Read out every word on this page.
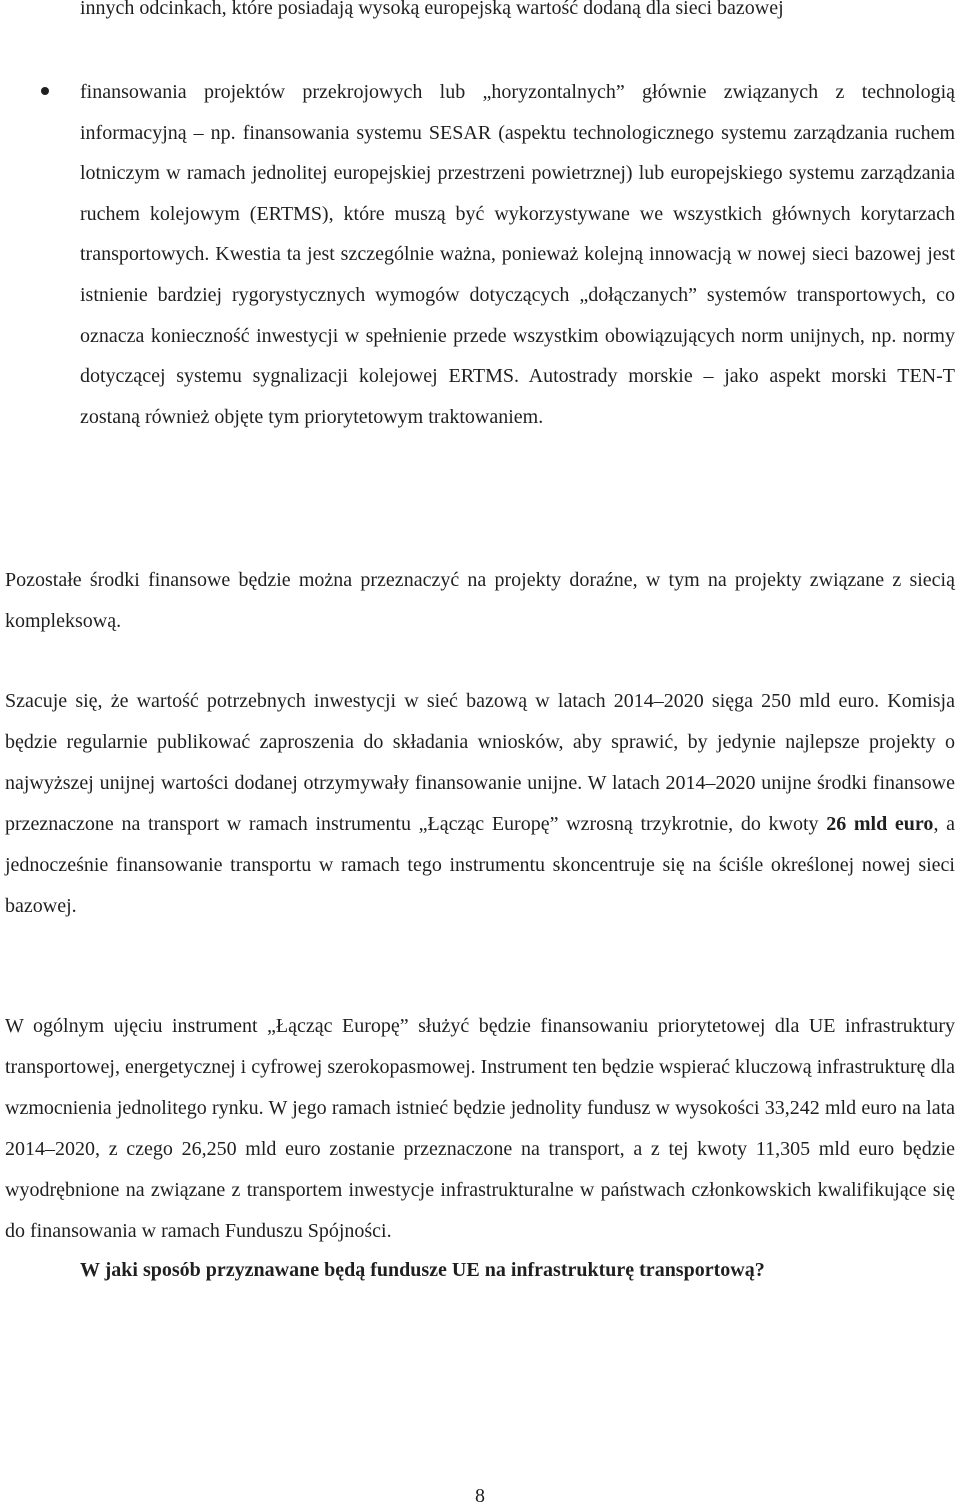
innych odcinkach, które posiadają wysoką europejską wartość dodaną dla sieci bazowej

finansowania projektów przekrojowych lub „horyzontalnych” głównie związanych z technologią informacyjną – np. finansowania systemu SESAR (aspektu technologicznego systemu zarządzania ruchem lotniczym w ramach jednolitej europejskiej przestrzeni powietrznej) lub europejskiego systemu zarządzania ruchem kolejowym (ERTMS), które muszą być wykorzystywane we wszystkich głównych korytarzach transportowych. Kwestia ta jest szczególnie ważna, ponieważ kolejną innowacją w nowej sieci bazowej jest istnienie bardziej rygorystycznych wymogów dotyczących „dołączanych” systemów transportowych, co oznacza konieczność inwestycji w spełnienie przede wszystkim obowiązujących norm unijnych, np. normy dotyczącej systemu sygnalizacji kolejowej ERTMS. Autostrady morskie – jako aspekt morski TEN-T zostaną również objęte tym priorytetowym traktowaniem.

Pozostałe środki finansowe będzie można przeznaczyć na projekty doraźne, w tym na projekty związane z siecią kompleksową.

Szacuje się, że wartość potrzebnych inwestycji w sieć bazową w latach 2014–2020 sięga 250 mld euro. Komisja będzie regularnie publikować zaproszenia do składania wniosków, aby sprawić, by jedynie najlepsze projekty o najwyższej unijnej wartości dodanej otrzymywały finansowanie unijne. W latach 2014–2020 unijne środki finansowe przeznaczone na transport w ramach instrumentu „Łącząc Europę” wzrosną trzykrotnie, do kwoty 26 mld euro, a jednocześnie finansowanie transportu w ramach tego instrumentu skoncentruje się na ściśle określonej nowej sieci bazowej.

W ogólnym ujęciu instrument „Łącząc Europę” służyć będzie finansowaniu priorytetowej dla UE infrastruktury transportowej, energetycznej i cyfrowej szerokopasmowej. Instrument ten będzie wspierać kluczową infrastrukturę dla wzmocnienia jednolitego rynku. W jego ramach istnieć będzie jednolity fundusz w wysokości 33,242 mld euro na lata 2014–2020, z czego 26,250 mld euro zostanie przeznaczone na transport, a z tej kwoty 11,305 mld euro będzie wyodrębnione na związane z transportem inwestycje infrastrukturalne w państwach członkowskich kwalifikujące się do finansowania w ramach Funduszu Spójności.

W jaki sposób przyznawane będą fundusze UE na infrastrukturę transportową?

8
